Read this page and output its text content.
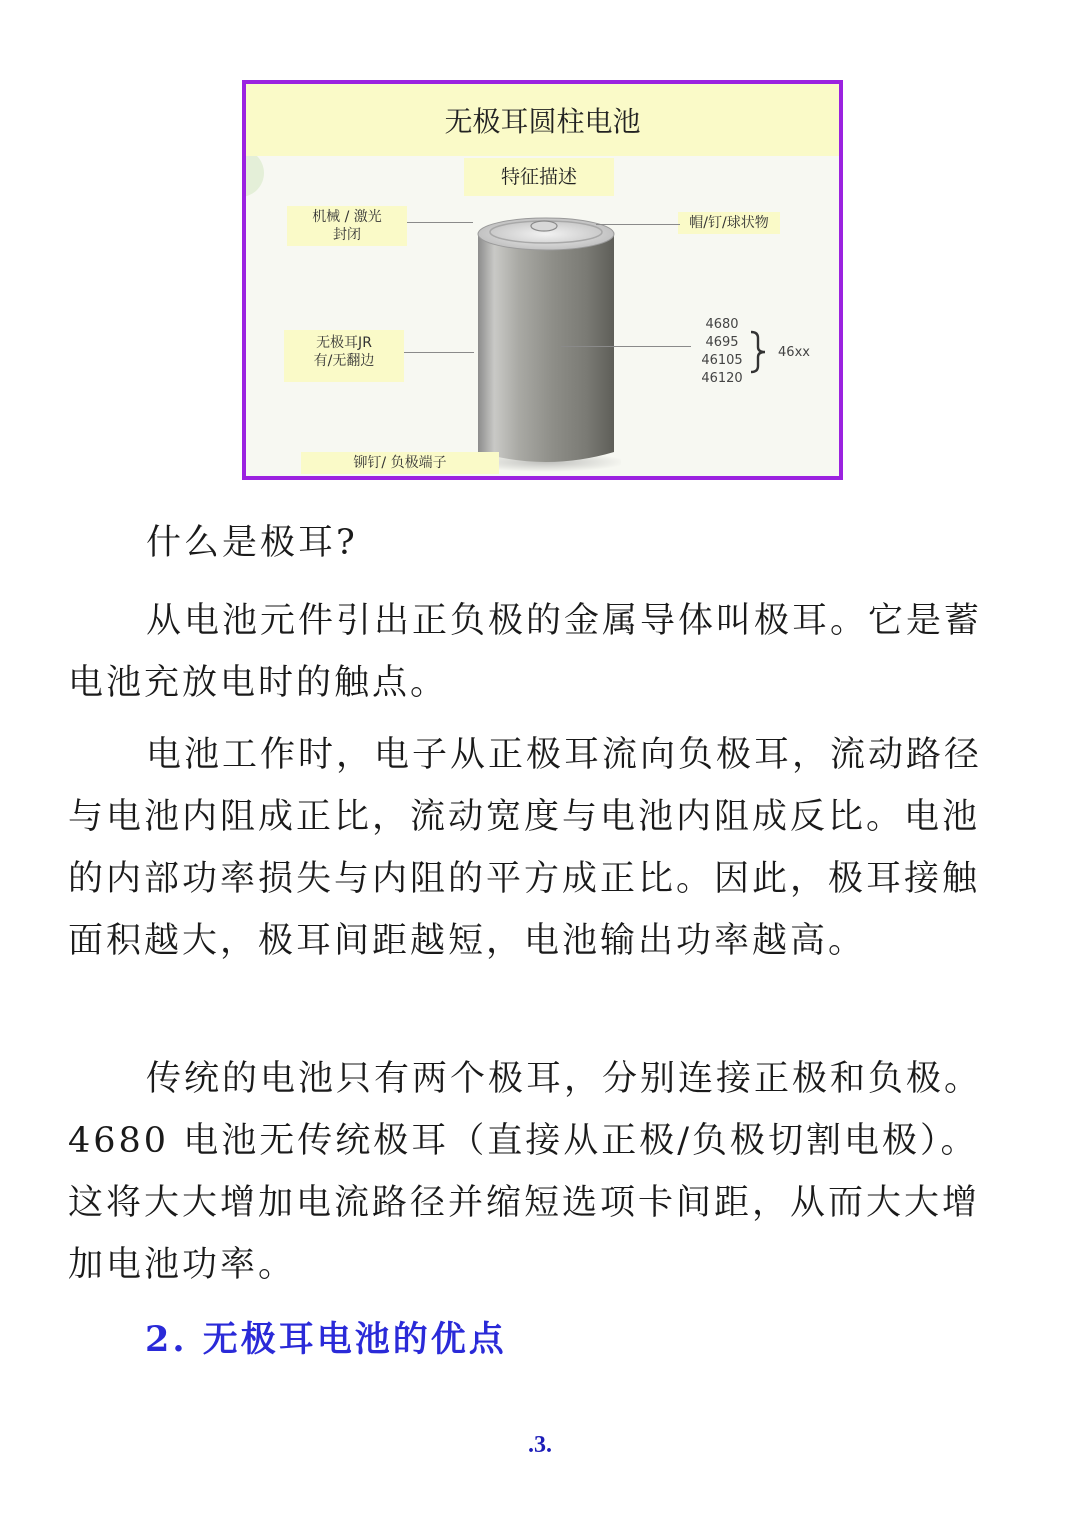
无极耳圆柱电池
特征描述
机械 / 激光
封闭
帽/钉/球状物
无极耳JR
有/无翻边
铆钉/ 负极端子
4680
4695
46105
46120
46xx

什么是极耳?

从电池元件引出正负极的金属导体叫极耳。它是蓄电池充放电时的触点。

电池工作时，电子从正极耳流向负极耳，流动路径与电池内阻成正比，流动宽度与电池内阻成反比。电池的内部功率损失与内阻的平方成正比。因此，极耳接触面积越大，极耳间距越短，电池输出功率越高。

传统的电池只有两个极耳，分别连接正极和负极。4680 电池无传统极耳（直接从正极/负极切割电极）。这将大大增加电流路径并缩短选项卡间距，从而大大增加电池功率。

2. 无极耳电池的优点
.3.
